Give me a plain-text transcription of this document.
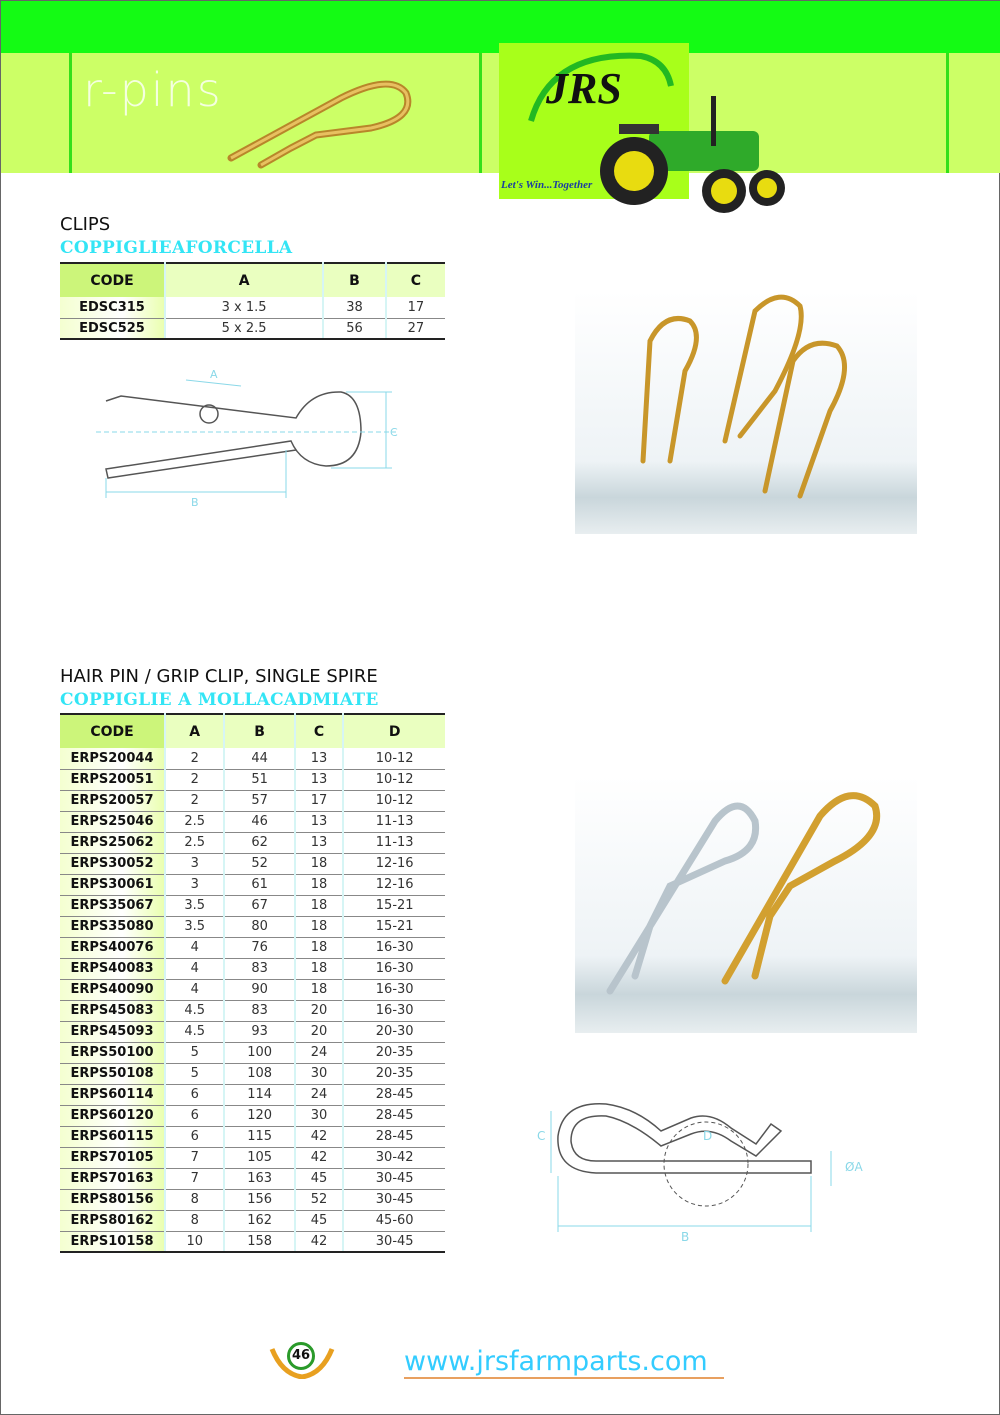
r-pins	JRS
Let's Win...Together
CLIPS
COPPIGLIEAFORCELLA
CODE	A	B	C
EDSC315	3 x 1.5	38	17
EDSC525	5 x 2.5	56	27
A
B
C
HAIR PIN / GRIP CLIP, SINGLE SPIRE
COPPIGLIE A MOLLACADMIATE
CODE	A	B	C	D
ERPS20044	2	44	13	10-12
ERPS20051	2	51	13	10-12
ERPS20057	2	57	17	10-12
ERPS25046	2.5	46	13	11-13
ERPS25062	2.5	62	13	11-13
ERPS30052	3	52	18	12-16
ERPS30061	3	61	18	12-16
ERPS35067	3.5	67	18	15-21
ERPS35080	3.5	80	18	15-21
ERPS40076	4	76	18	16-30
ERPS40083	4	83	18	16-30
ERPS40090	4	90	18	16-30
ERPS45083	4.5	83	20	16-30
ERPS45093	4.5	93	20	20-30
ERPS50100	5	100	24	20-35
ERPS50108	5	108	30	20-35
ERPS60114	6	114	24	28-45
ERPS60120	6	120	30	28-45
ERPS60115	6	115	42	28-45
ERPS70105	7	105	42	30-42
ERPS70163	7	163	45	30-45
ERPS80156	8	156	52	30-45
ERPS80162	8	162	45	45-60
ERPS10158	10	158	42	30-45
C	D
ØA
B
46	www.jrsfarmparts.com
